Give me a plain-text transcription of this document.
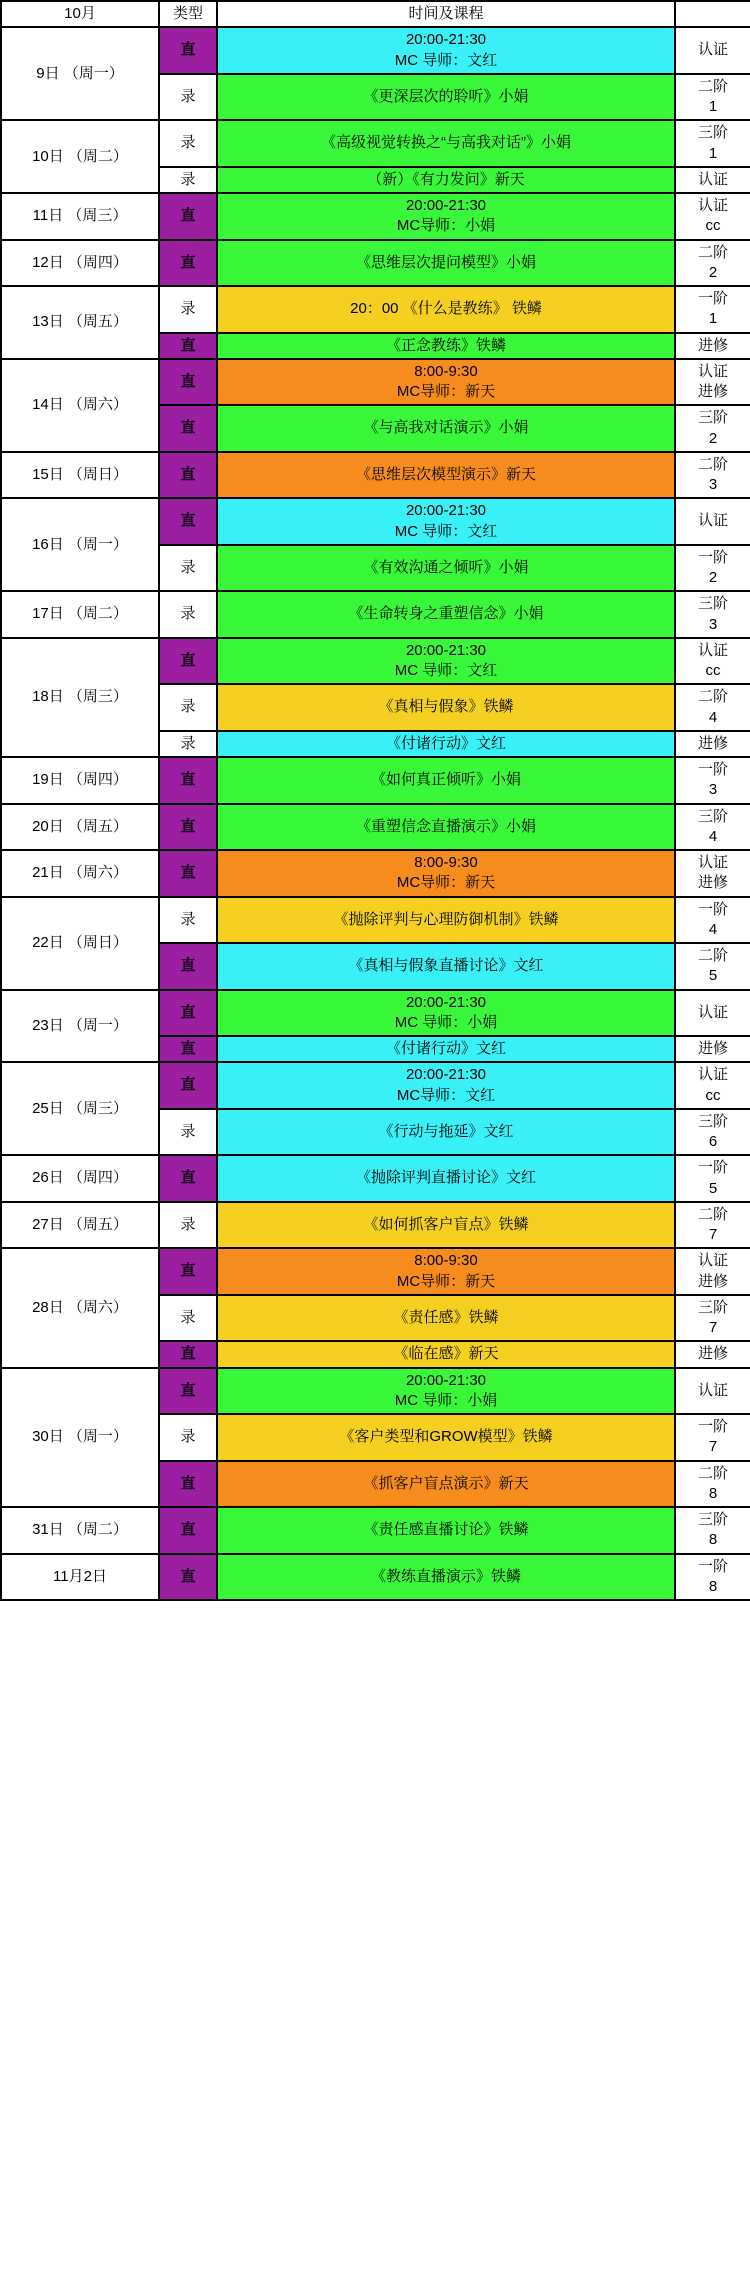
10月	类型	时间及课程	
9日 （周一）	直	20:00-21:30
MC 导师：文红	认证
	录	《更深层次的聆听》小娟	二阶
1

10日 （周二）	录	《高级视觉转换之“与高我对话”》小娟	三阶
1

	录	（新）《有力发问》新天	认证
11日 （周三）	直	20:00-21:30
MC导师：小娟	认证
cc

12日 （周四）	直	《思维层次提问模型》小娟	二阶
2

13日 （周五）	录	20：00 《什么是教练》 铁鳞	一阶
1

	直	《正念教练》铁鳞	进修
14日 （周六）	直	8:00-9:30
MC导师：新天	认证
进修

	直	《与高我对话演示》小娟	三阶
2

15日 （周日）	直	《思维层次模型演示》新天	二阶
3

16日 （周一）	直	20:00-21:30
MC 导师：文红	认证
	录	《有效沟通之倾听》小娟	一阶
2

17日 （周二）	录	《生命转身之重塑信念》小娟	三阶
3

18日 （周三）	直	20:00-21:30
MC 导师：文红	认证
cc

	录	《真相与假象》铁鳞	二阶
4

	录	《付诸行动》文红	进修
19日 （周四）	直	《如何真正倾听》小娟	一阶
3

20日 （周五）	直	《重塑信念直播演示》小娟	三阶
4

21日 （周六）	直	8:00-9:30
MC导师：新天	认证
进修

22日 （周日）	录	《抛除评判与心理防御机制》铁鳞	一阶
4

	直	《真相与假象直播讨论》文红	二阶
5

23日 （周一）	直	20:00-21:30
MC 导师：小娟	认证
	直	《付诸行动》文红	进修
25日 （周三）	直	20:00-21:30
MC导师：文红	认证
cc

	录	《行动与拖延》文红	三阶
6

26日 （周四）	直	《抛除评判直播讨论》文红	一阶
5

27日 （周五）	录	《如何抓客户盲点》铁鳞	二阶
7

28日 （周六）	直	8:00-9:30
MC导师：新天	认证
进修

	录	《责任感》铁鳞	三阶
7

	直	《临在感》新天	进修
30日 （周一）	直	20:00-21:30
MC 导师：小娟	认证
	录	《客户类型和GROW模型》铁鳞	一阶
7

	直	《抓客户盲点演示》新天	二阶
8

31日 （周二）	直	《责任感直播讨论》铁鳞	三阶
8

11月2日	直	《教练直播演示》铁鳞	一阶
8
